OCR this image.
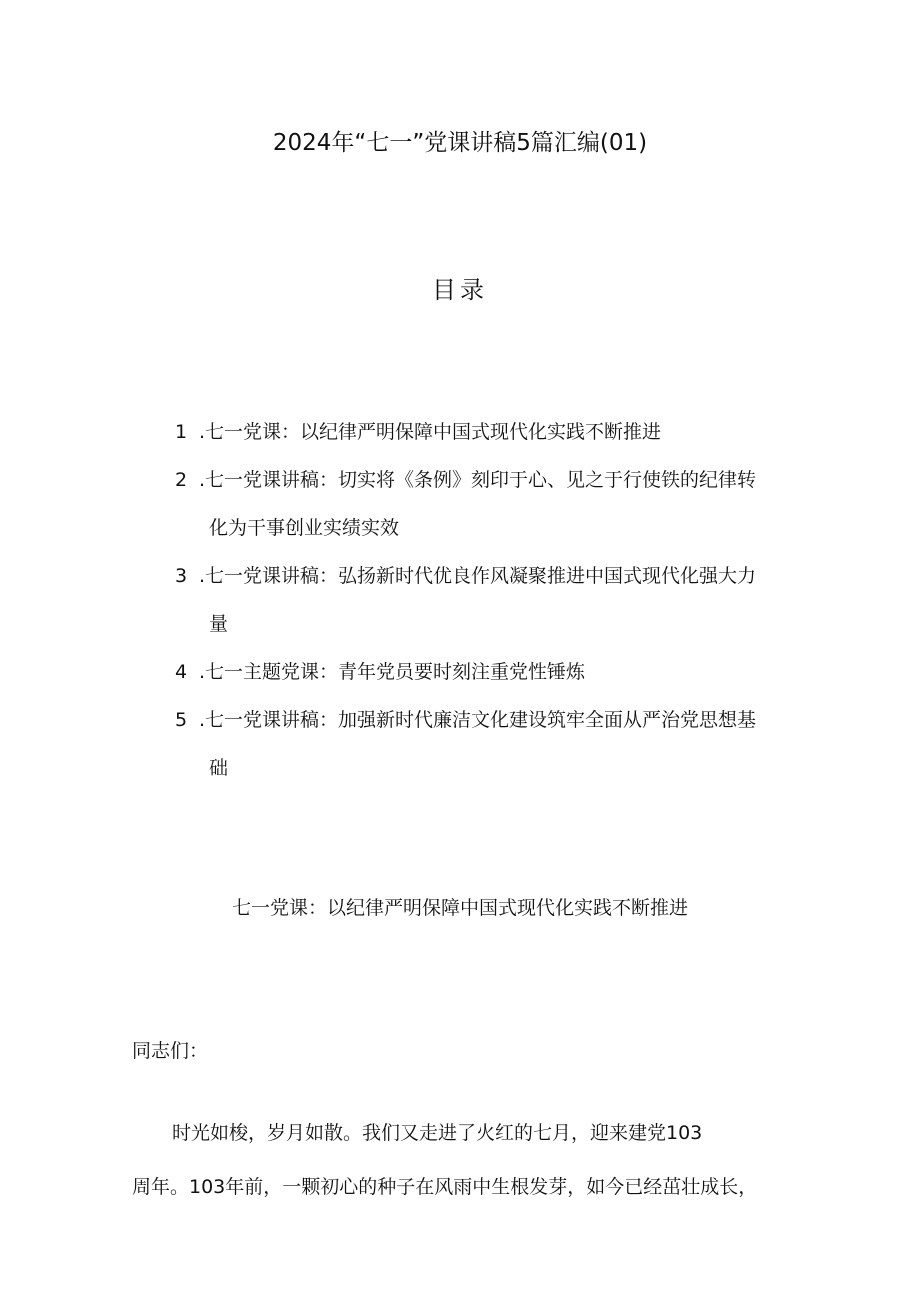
2024年“七一”党课讲稿5篇汇编(01)
目录
1 .七一党课：以纪律严明保障中国式现代化实践不断推进
2 .七一党课讲稿：切实将《条例》刻印于心、见之于行使铁的纪律转
化为干事创业实绩实效
3 .七一党课讲稿：弘扬新时代优良作风凝聚推进中国式现代化强大力
量
4 .七一主题党课：青年党员要时刻注重党性锤炼
5 .七一党课讲稿：加强新时代廉洁文化建设筑牢全面从严治党思想基
础
七一党课：以纪律严明保障中国式现代化实践不断推进
同志们：

时光如梭，岁月如散。我们又走进了火红的七月，迎来建党103
周年。103年前，一颗初心的种子在风雨中生根发芽，如今已经茁壮成长，
